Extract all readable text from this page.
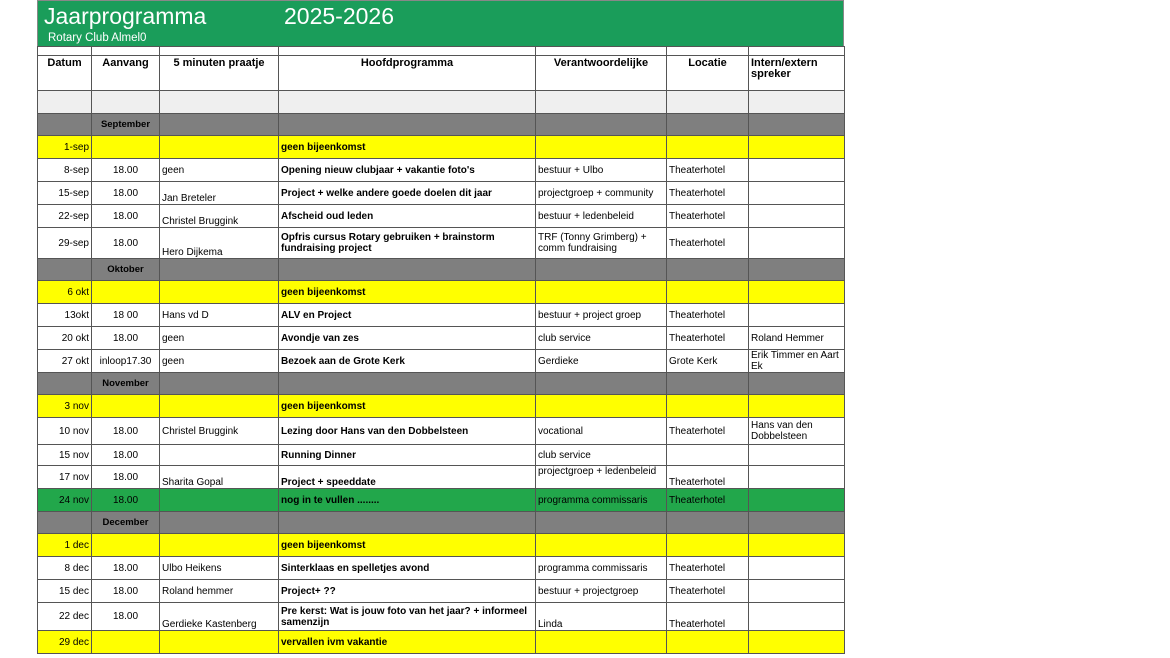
Jaarprogramma	2025-2026
Rotary Club Almel0

Datum	Aanvang	5 minuten praatje	Hoofdprogramma	Verantwoordelijke	Locatie	Intern/extern spreker

	September					
1-sep			geen bijeenkomst			
8-sep	18.00	geen	Opening nieuw clubjaar + vakantie foto's	bestuur + Ulbo	Theaterhotel	
15-sep	18.00	Jan Breteler	Project + welke andere goede doelen dit jaar	projectgroep + community	Theaterhotel	
22-sep	18.00	Christel Bruggink	Afscheid oud leden	bestuur + ledenbeleid	Theaterhotel	
29-sep	18.00	Hero Dijkema	Opfris cursus Rotary gebruiken + brainstorm fundraising project	TRF (Tonny Grimberg) + comm fundraising	Theaterhotel	
	Oktober					
6 okt			geen bijeenkomst			
13okt	18 00	Hans vd D	ALV en Project	bestuur + project groep	Theaterhotel	
20 okt	18.00	geen	Avondje van zes	club service	Theaterhotel	Roland Hemmer
27 okt	inloop17.30	geen	Bezoek aan de Grote Kerk	Gerdieke	Grote Kerk	Erik Timmer en Aart Ek
	November					
3 nov			geen bijeenkomst			
10 nov	18.00	Christel Bruggink	Lezing door Hans van den Dobbelsteen	vocational	Theaterhotel	Hans van den Dobbelsteen
15 nov	18.00		Running Dinner	club service		
17 nov	18.00	Sharita Gopal	Project + speeddate	projectgroep + ledenbeleid	Theaterhotel	
24 nov	18.00		nog in te vullen ........	programma commissaris	Theaterhotel	
	December					
1 dec			geen bijeenkomst			
8 dec	18.00	Ulbo Heikens	Sinterklaas en spelletjes avond	programma commissaris	Theaterhotel	
15 dec	18.00	Roland hemmer	Project+ ??	bestuur + projectgroep	Theaterhotel	
22 dec	18.00	Gerdieke Kastenberg	Pre kerst: Wat is jouw foto van het jaar? + informeel samenzijn	Linda	Theaterhotel	
29 dec			vervallen ivm vakantie			
